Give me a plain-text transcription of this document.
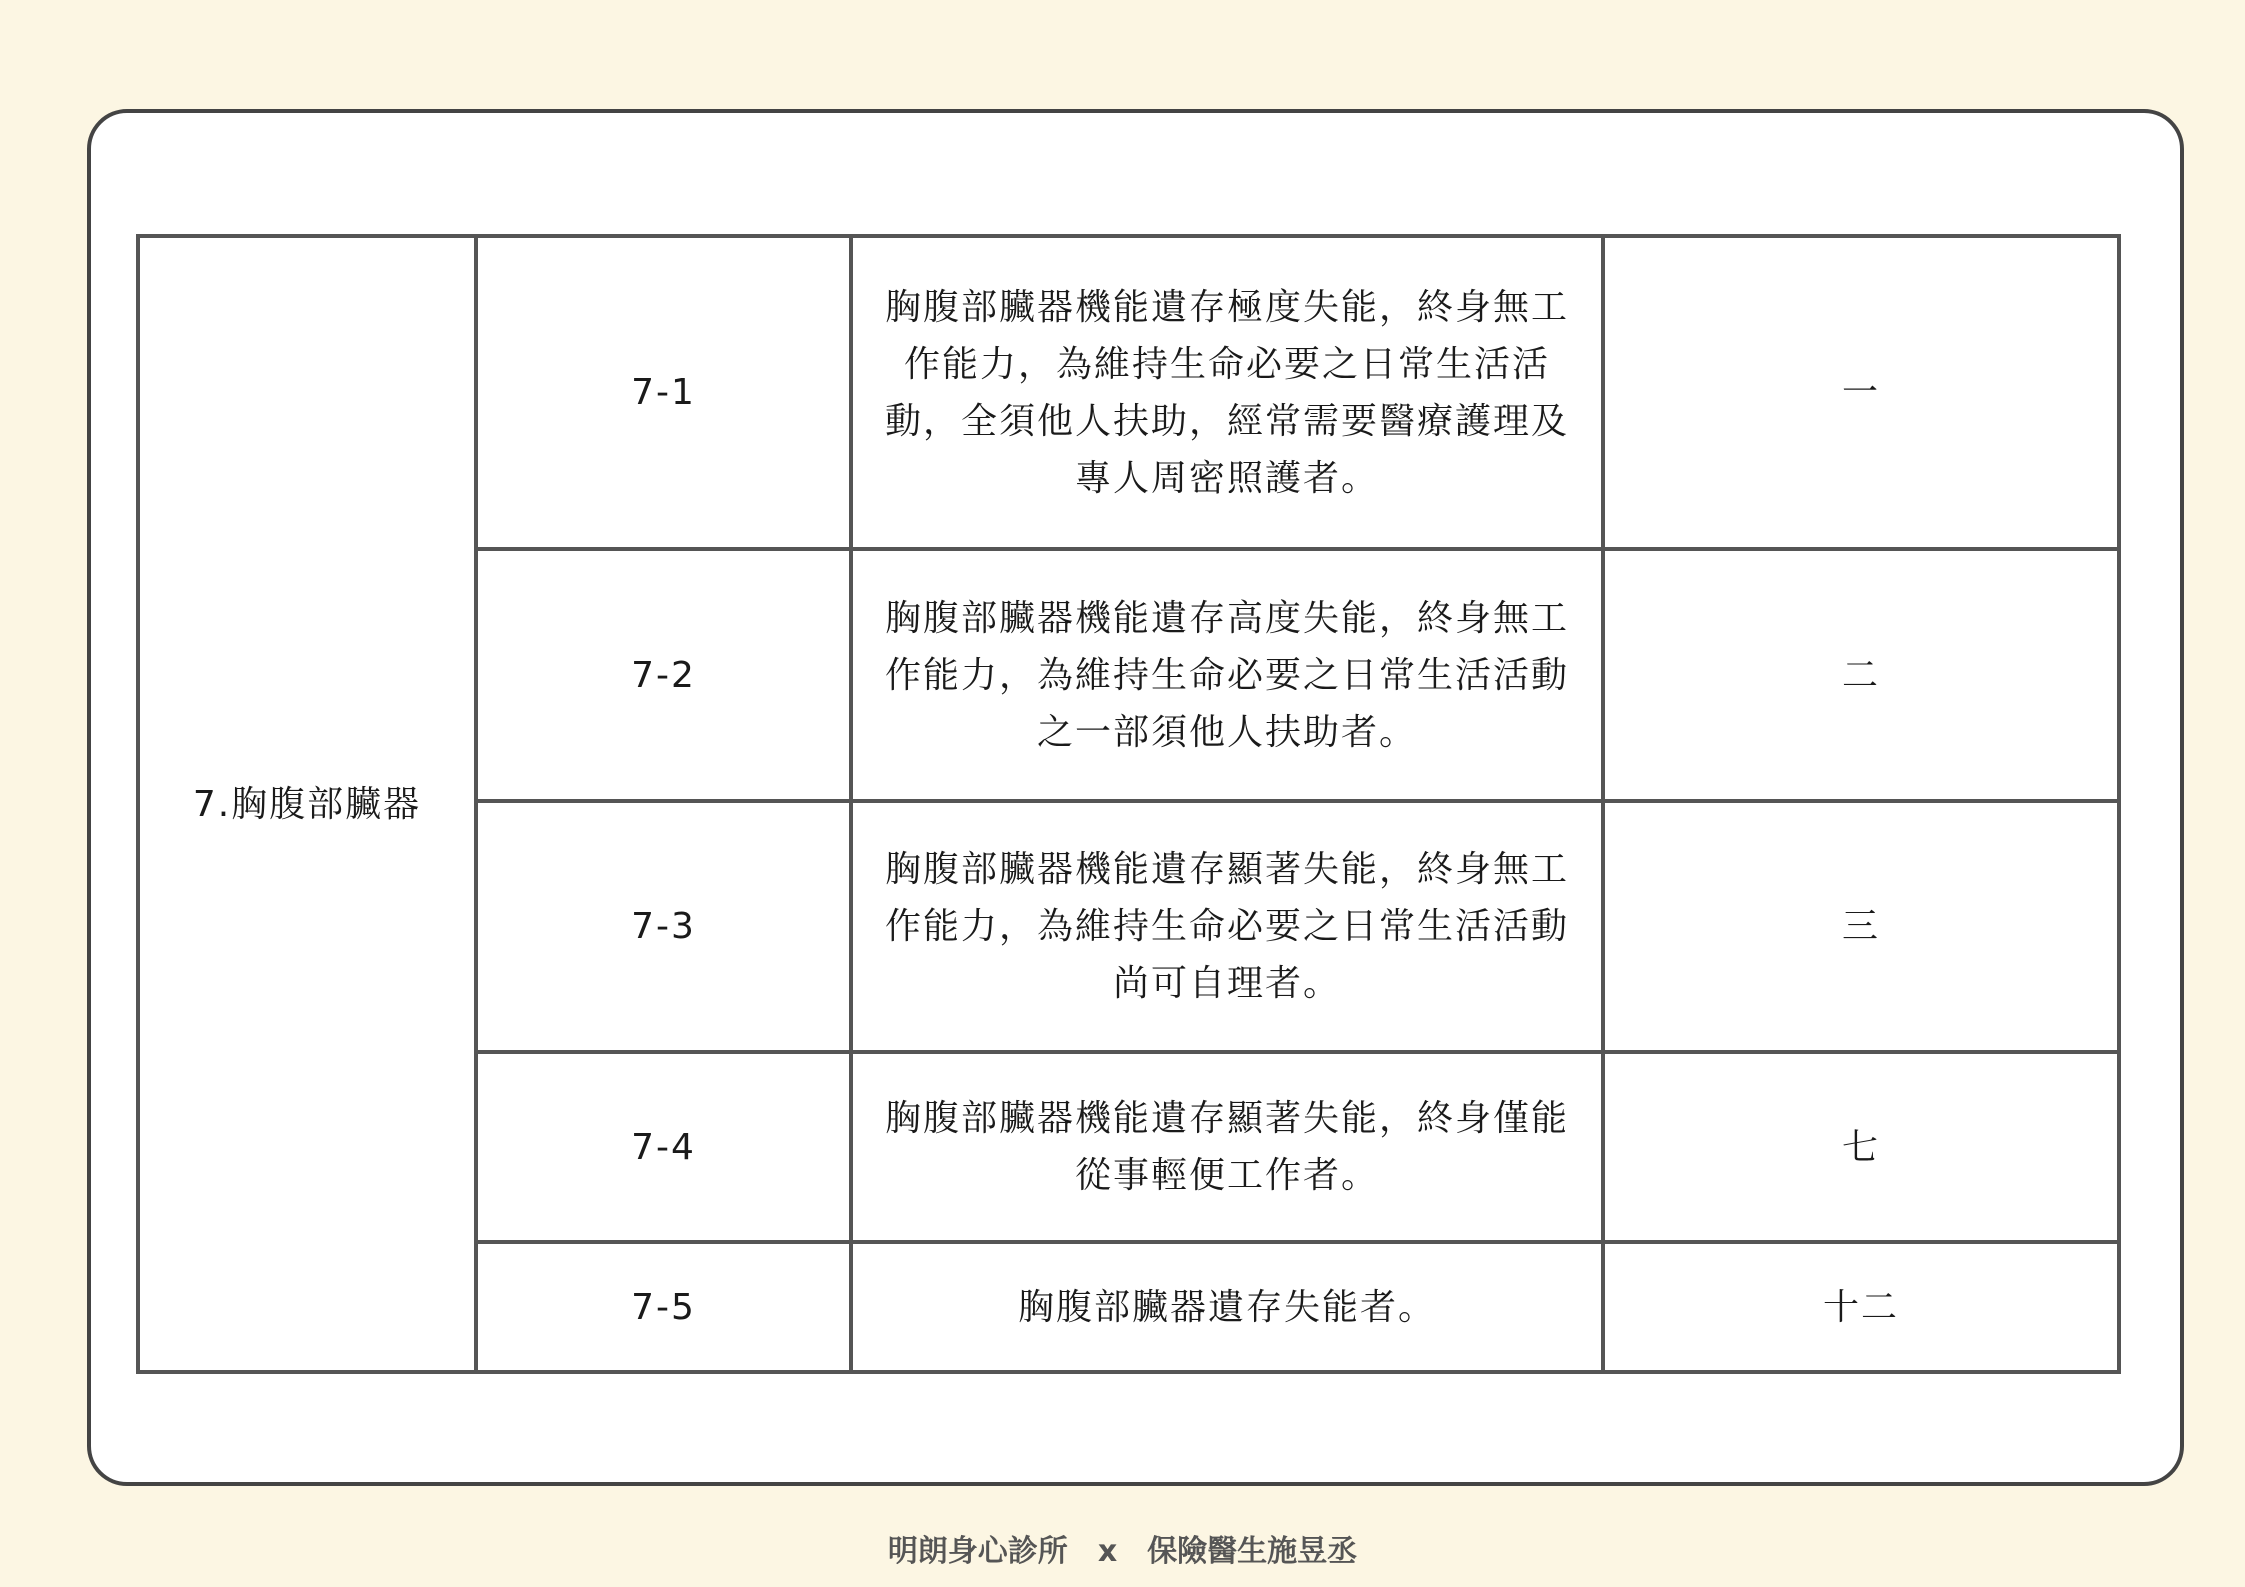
7.胸腹部臟器	7-1	胸腹部臟器機能遺存極度失能，終身無工作能力，為維持生命必要之日常生活活動，全須他人扶助，經常需要醫療護理及專人周密照護者。	一
	7-2	胸腹部臟器機能遺存高度失能，終身無工作能力，為維持生命必要之日常生活活動之一部須他人扶助者。	二
	7-3	胸腹部臟器機能遺存顯著失能，終身無工作能力，為維持生命必要之日常生活活動尚可自理者。	三
	7-4	胸腹部臟器機能遺存顯著失能，終身僅能從事輕便工作者。	七
	7-5	胸腹部臟器遺存失能者。	十二
明朗身心診所 x 保險醫生施昱丞
